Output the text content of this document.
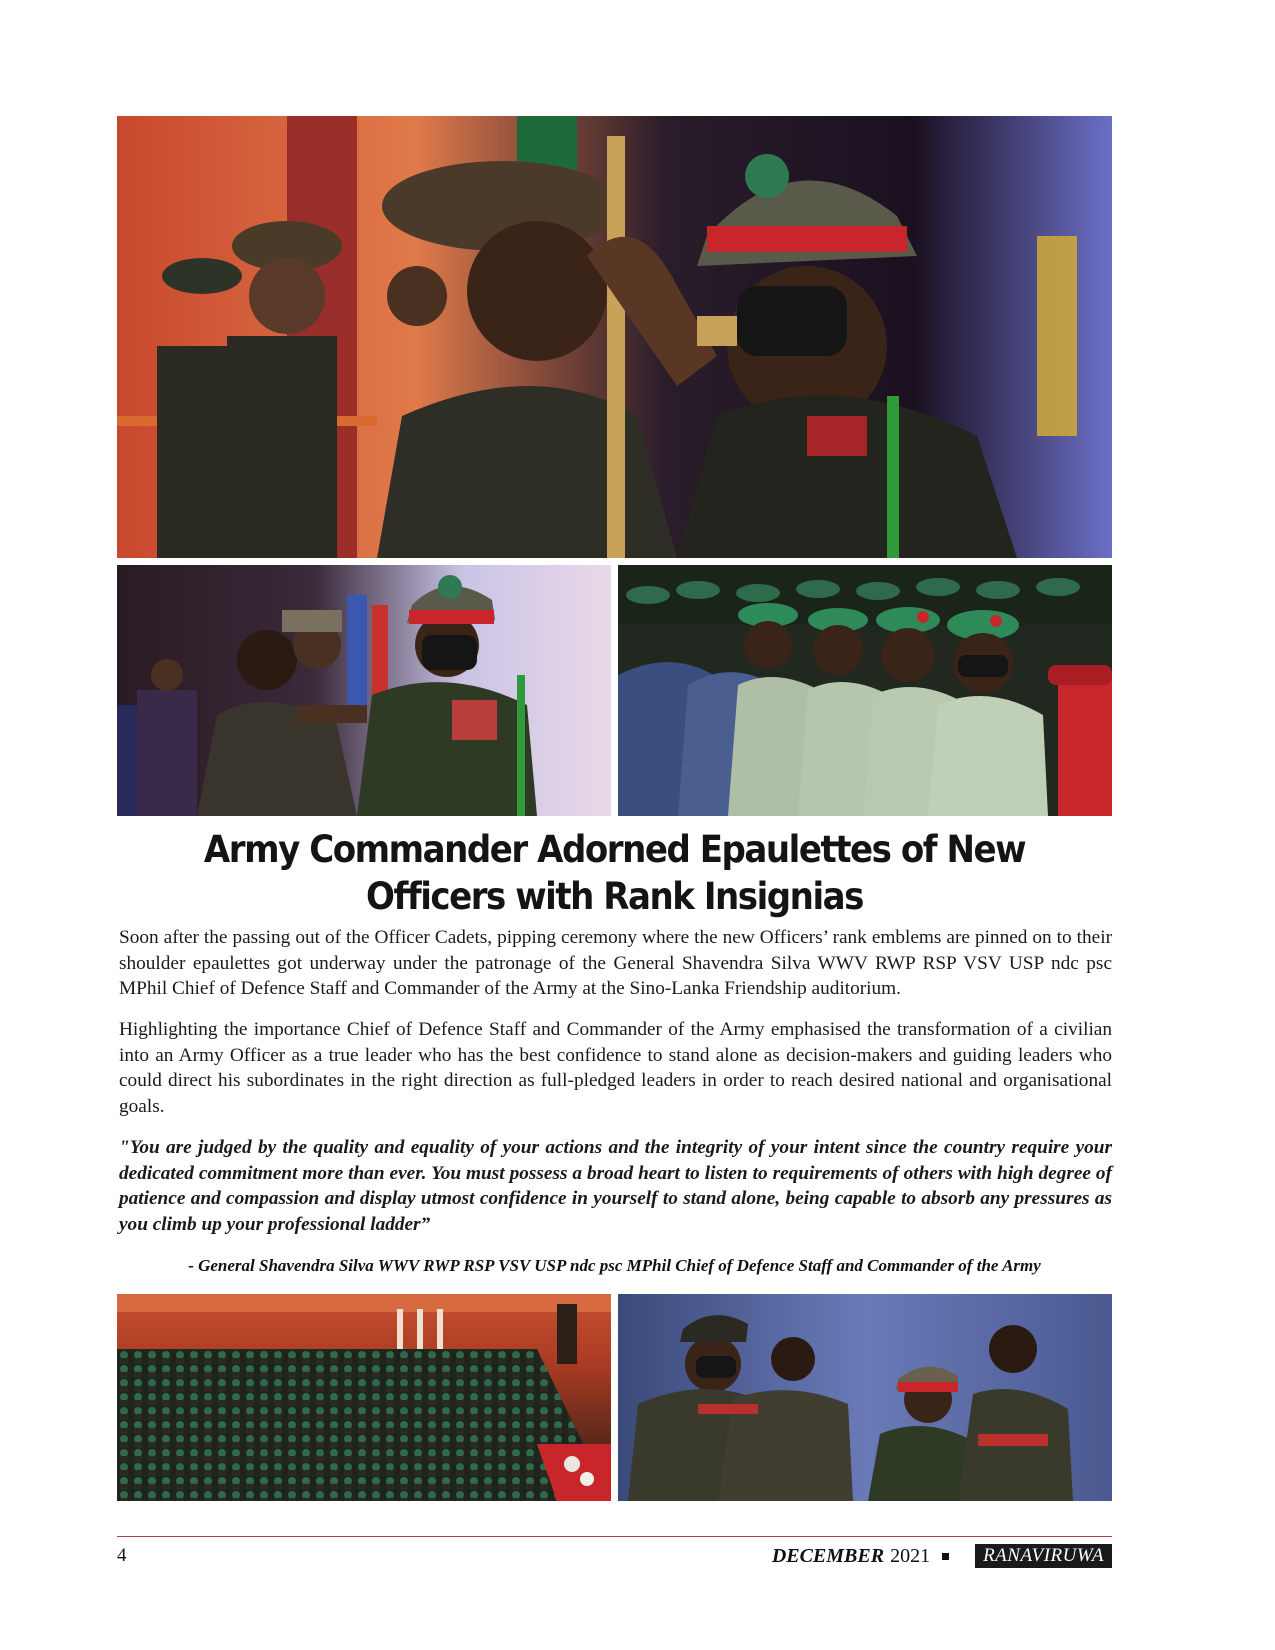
Army Commander Adorned Epaulettes of New Officers with Rank Insignias

Soon after the passing out of the Officer Cadets, pipping ceremony where the new Officers’ rank emblems are pinned on to their shoulder epaulettes got underway under the patronage of the General Shavendra Silva WWV RWP RSP VSV USP ndc psc MPhil Chief of Defence Staff and Commander of the Army at the Sino-Lanka Friendship auditorium.

Highlighting the importance Chief of Defence Staff and Commander of the Army emphasised the transformation of a civilian into an Army Officer as a true leader who has the best confidence to stand alone as decision-makers and guiding leaders who could direct his subordinates in the right direction as full-pledged leaders in order to reach desired national and organisational goals.

"You are judged by the quality and equality of your actions and the integrity of your intent since the country require your dedicated commitment more than ever. You must possess a broad heart to listen to requirements of others with high degree of patience and compassion and display utmost confidence in yourself to stand alone, being capable to absorb any pressures as you climb up your professional ladder”

- General Shavendra Silva WWV RWP RSP VSV USP ndc psc MPhil Chief of Defence Staff and Commander of the Army

4	DECEMBER 2021	RANAVIRUWA
